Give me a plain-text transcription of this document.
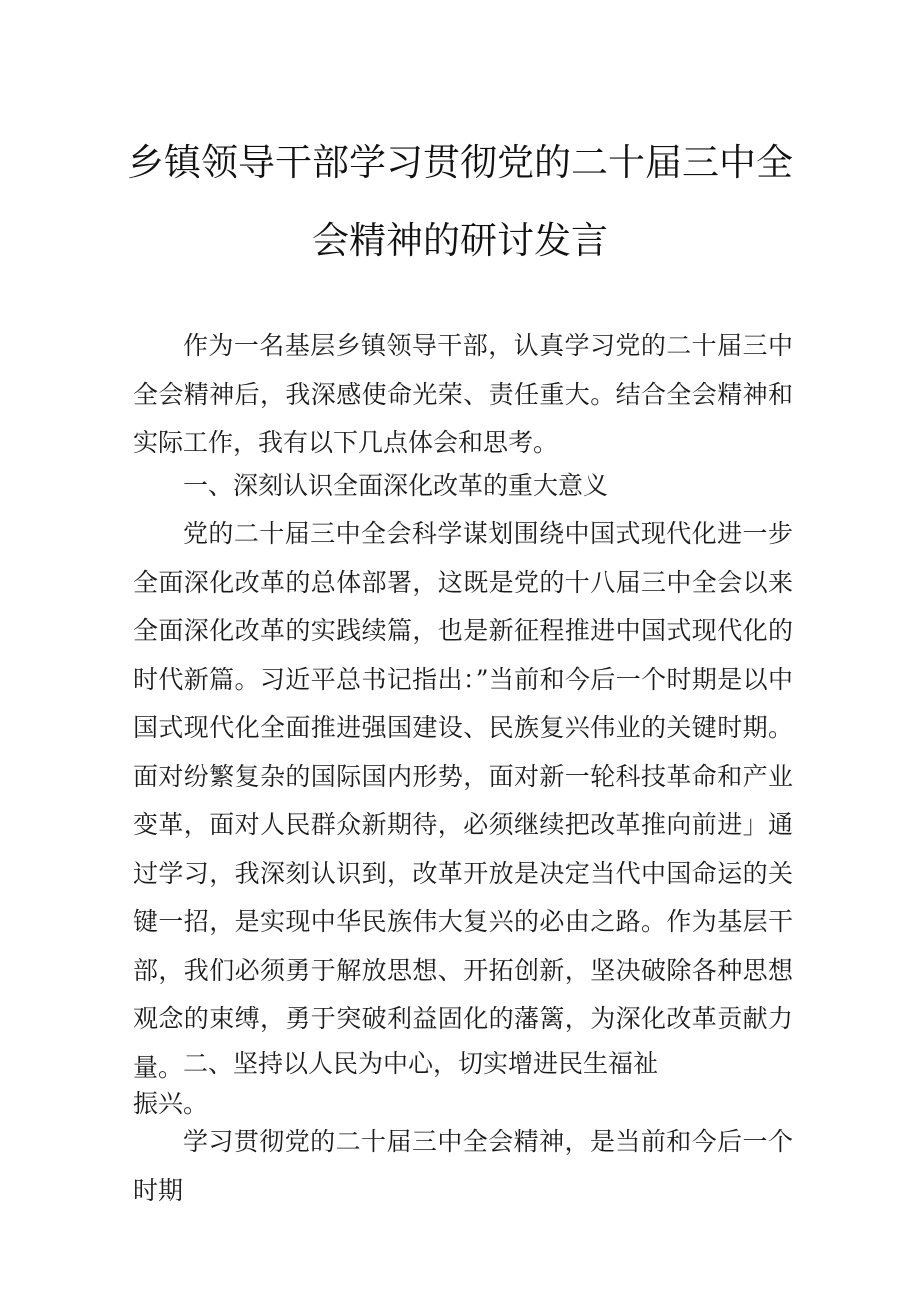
乡镇领导干部学习贯彻党的二十届三中全
会精神的研讨发言

作为一名基层乡镇领导干部，认真学习党的二十届三中全会精神后，我深感使命光荣、责任重大。结合全会精神和实际工作，我有以下几点体会和思考。

一、深刻认识全面深化改革的重大意义

党的二十届三中全会科学谋划围绕中国式现代化进一步全面深化改革的总体部署，这既是党的十八届三中全会以来全面深化改革的实践续篇，也是新征程推进中国式现代化的时代新篇。习近平总书记指出：”当前和今后一个时期是以中国式现代化全面推进强国建设、民族复兴伟业的关键时期。面对纷繁复杂的国际国内形势，面对新一轮科技革命和产业变革，面对人民群众新期待，必须继续把改革推向前进」通过学习，我深刻认识到，改革开放是决定当代中国命运的关键一招，是实现中华民族伟大复兴的必由之路。作为基层干部，我们必须勇于解放思想、开拓创新，坚决破除各种思想观念的束缚，勇于突破利益固化的藩篱，为深化改革贡献力量。 二、坚持以人民为中心，切实增进民生福祉

振兴。

学习贯彻党的二十届三中全会精神，是当前和今后一个时期
